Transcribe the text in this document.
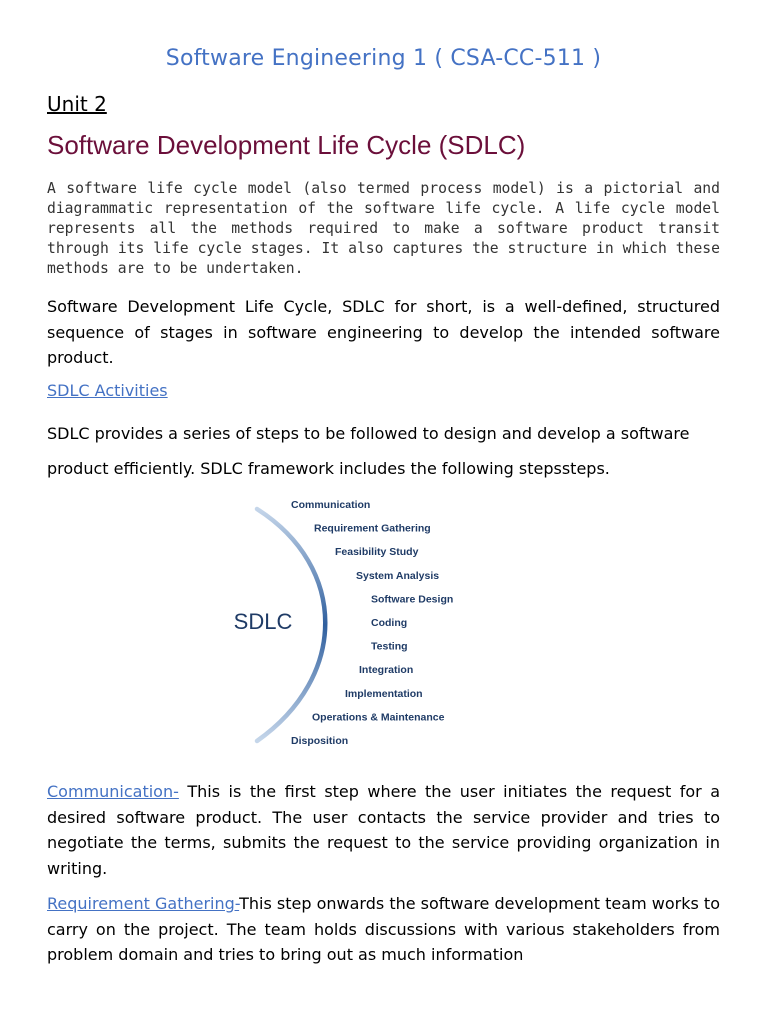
Software Engineering 1 ( CSA-CC-511 )
Unit 2
Software Development Life Cycle (SDLC)

A software life cycle model (also termed process model) is a pictorial and diagrammatic representation of the software life cycle. A life cycle model represents all the methods required to make a software product transit through its life cycle stages. It also captures the structure in which these methods are to be undertaken.

Software Development Life Cycle, SDLC for short, is a well-defined, structured sequence of stages in software engineering to develop the intended software product.

SDLC Activities

SDLC provides a series of steps to be followed to design and develop a software product efficiently. SDLC framework includes the following stepssteps.

SDLC
Communication
Requirement Gathering
Feasibility Study
System Analysis
Software Design
Coding
Testing
Integration
Implementation
Operations & Maintenance
Disposition

Communication- This is the first step where the user initiates the request for a desired software product. The user contacts the service provider and tries to negotiate the terms, submits the request to the service providing organization in writing.

Requirement Gathering-This step onwards the software development team works to carry on the project. The team holds discussions with various stakeholders from problem domain and tries to bring out as much information
